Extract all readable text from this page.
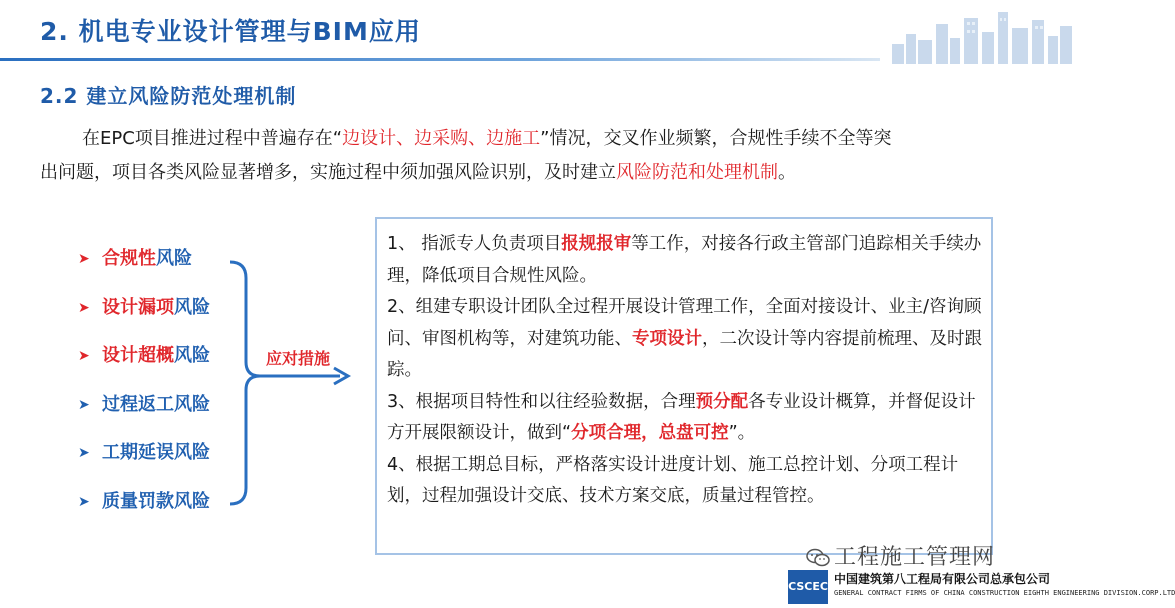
2. 机电专业设计管理与BIM应用
2.2 建立风险防范处理机制
在EPC项目推进过程中普遍存在“边设计、边采购、边施工”情况，交叉作业频繁，合规性手续不全等突
出问题，项目各类风险显著增多，实施过程中须加强风险识别，及时建立风险防范和处理机制。
➤ 合规性风险
➤ 设计漏项风险
➤ 设计超概风险
➤ 过程返工风险
➤ 工期延误风险
➤ 质量罚款风险
应对措施
1、 指派专人负责项目报规报审等工作，对接各行政主管部门追踪相关手续办理，降低项目合规性风险。
2、组建专职设计团队全过程开展设计管理工作，全面对接设计、业主/咨询顾问、审图机构等，对建筑功能、专项设计，二次设计等内容提前梳理、及时跟踪。
3、根据项目特性和以往经验数据，合理预分配各专业设计概算，并督促设计方开展限额设计，做到“分项合理，总盘可控”。
4、根据工期总目标，严格落实设计进度计划、施工总控计划、分项工程计划，过程加强设计交底、技术方案交底，质量过程管控。
工程施工管理网
CSCEC
中国建筑第八工程局有限公司总承包公司
GENERAL CONTRACT FIRMS OF CHINA CONSTRUCTION EIGHTH ENGINEERING DIVISION.CORP.LTD
